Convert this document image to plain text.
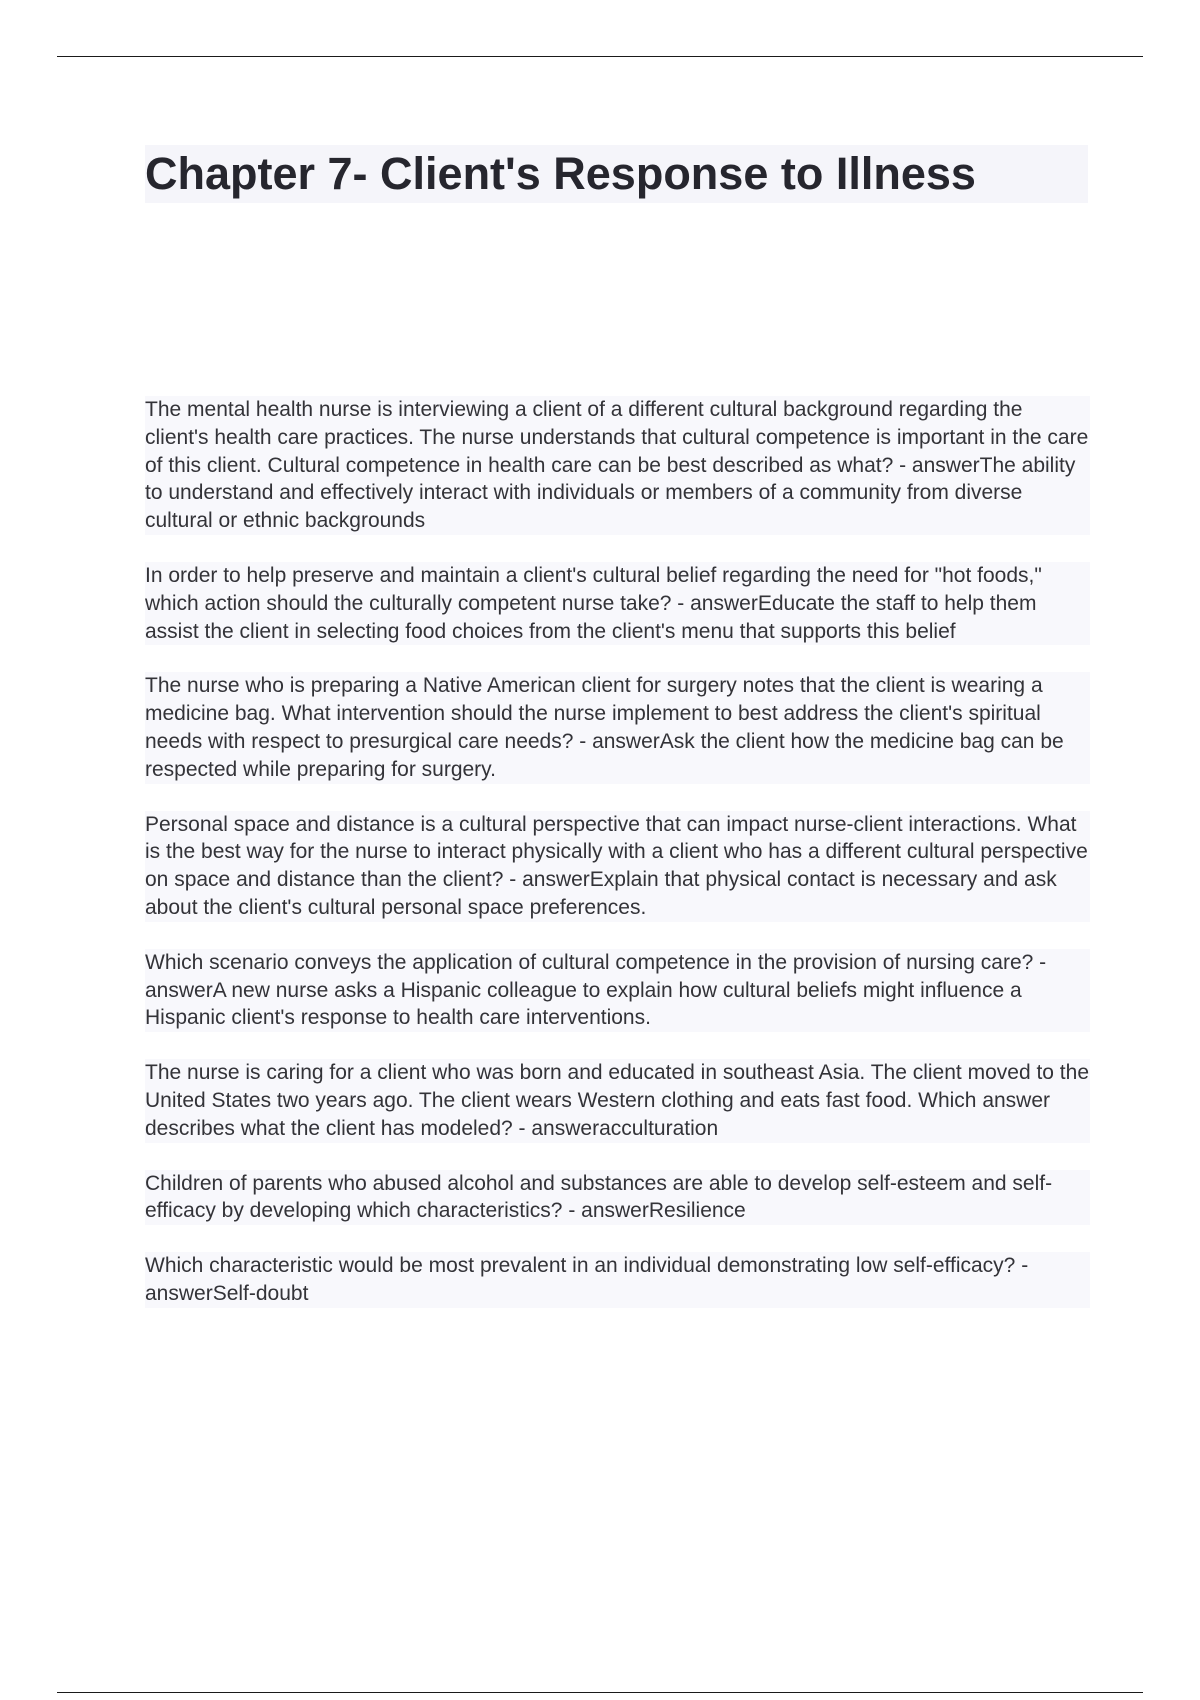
Chapter 7- Client's Response to Illness

The mental health nurse is interviewing a client of a different cultural background regarding the client's health care practices. The nurse understands that cultural competence is important in the care of this client. Cultural competence in health care can be best described as what? - answerThe ability to understand and effectively interact with individuals or members of a community from diverse cultural or ethnic backgrounds

In order to help preserve and maintain a client's cultural belief regarding the need for "hot foods," which action should the culturally competent nurse take? - answerEducate the staff to help them assist the client in selecting food choices from the client's menu that supports this belief

The nurse who is preparing a Native American client for surgery notes that the client is wearing a medicine bag. What intervention should the nurse implement to best address the client's spiritual needs with respect to presurgical care needs? - answerAsk the client how the medicine bag can be respected while preparing for surgery.

Personal space and distance is a cultural perspective that can impact nurse-client interactions. What is the best way for the nurse to interact physically with a client who has a different cultural perspective on space and distance than the client? - answerExplain that physical contact is necessary and ask about the client's cultural personal space preferences.

Which scenario conveys the application of cultural competence in the provision of nursing care? - answerA new nurse asks a Hispanic colleague to explain how cultural beliefs might influence a Hispanic client's response to health care interventions.

The nurse is caring for a client who was born and educated in southeast Asia. The client moved to the United States two years ago. The client wears Western clothing and eats fast food. Which answer describes what the client has modeled? - answeracculturation

Children of parents who abused alcohol and substances are able to develop self-esteem and self-efficacy by developing which characteristics? - answerResilience

Which characteristic would be most prevalent in an individual demonstrating low self-efficacy? - answerSelf-doubt
